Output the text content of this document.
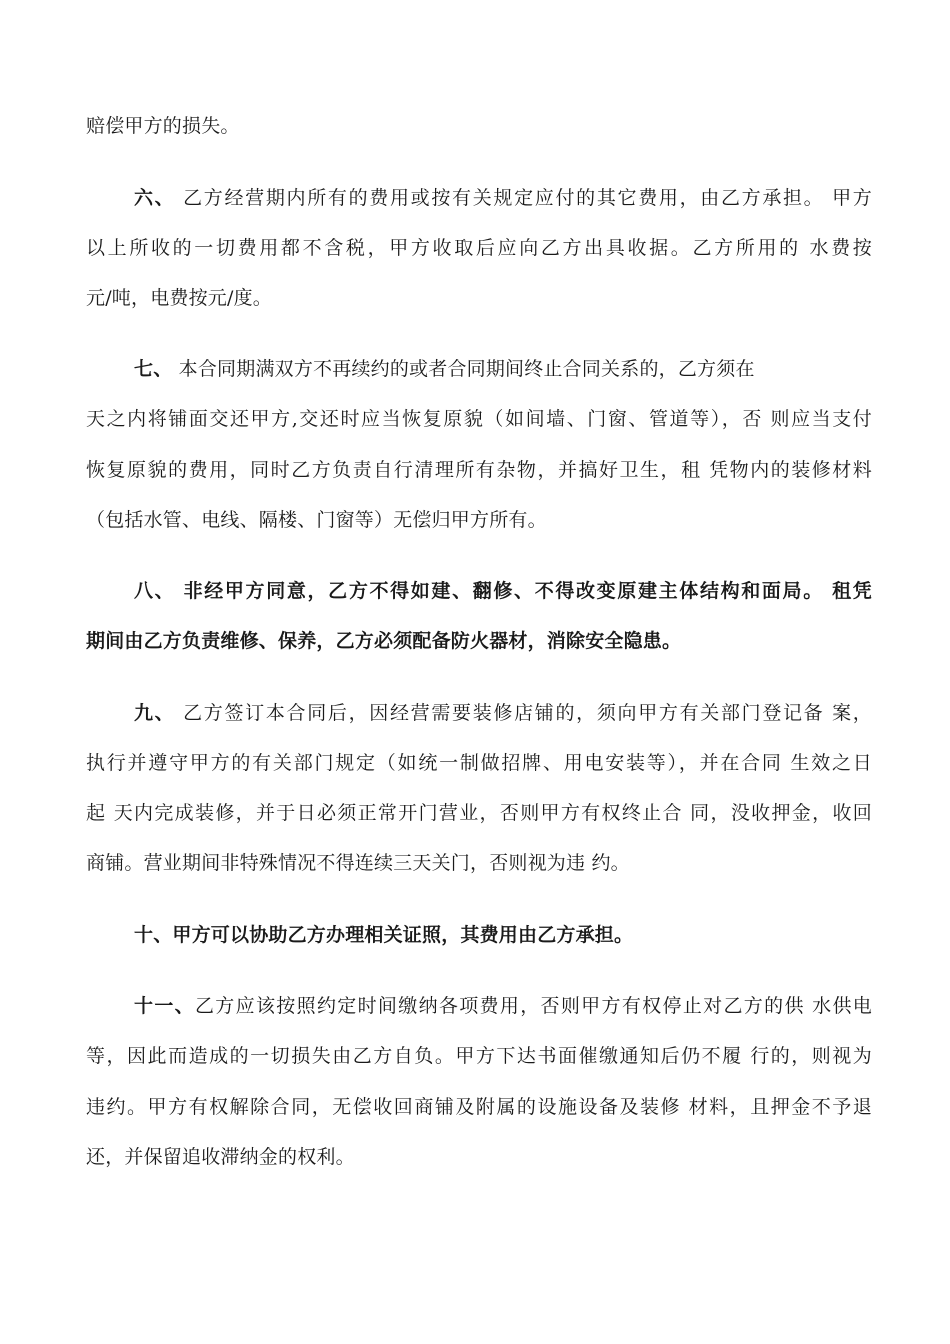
赔偿甲方的损失。
六、 乙方经营期内所有的费用或按有关规定应付的其它费用，由乙方承担。 甲方
以上所收的一切费用都不含税，甲方收取后应向乙方出具收据。乙方所用的 水费按
元/吨，电费按元/度。
七、 本合同期满双方不再续约的或者合同期间终止合同关系的，乙方须在
天之内将铺面交还甲方,交还时应当恢复原貌（如间墙、门窗、管道等），否 则应当支付
恢复原貌的费用，同时乙方负责自行清理所有杂物，并搞好卫生，租 凭物内的装修材料
（包括水管、电线、隔楼、门窗等）无偿归甲方所有。
八、 非经甲方同意，乙方不得如建、翻修、不得改变原建主体结构和面局。 租凭
期间由乙方负责维修、保养，乙方必须配备防火器材，消除安全隐患。
九、 乙方签订本合同后，因经营需要装修店铺的，须向甲方有关部门登记备 案，
执行并遵守甲方的有关部门规定（如统一制做招牌、用电安装等），并在合同 生效之日
起 天内完成装修，并于日必须正常开门营业，否则甲方有权终止合 同，没收押金，收回
商铺。营业期间非特殊情况不得连续三天关门，否则视为违 约。
十、甲方可以协助乙方办理相关证照，其费用由乙方承担。
十一、乙方应该按照约定时间缴纳各项费用，否则甲方有权停止对乙方的供 水供电
等，因此而造成的一切损失由乙方自负。甲方下达书面催缴通知后仍不履 行的，则视为
违约。甲方有权解除合同，无偿收回商铺及附属的设施设备及装修 材料，且押金不予退
还，并保留追收滞纳金的权利。
